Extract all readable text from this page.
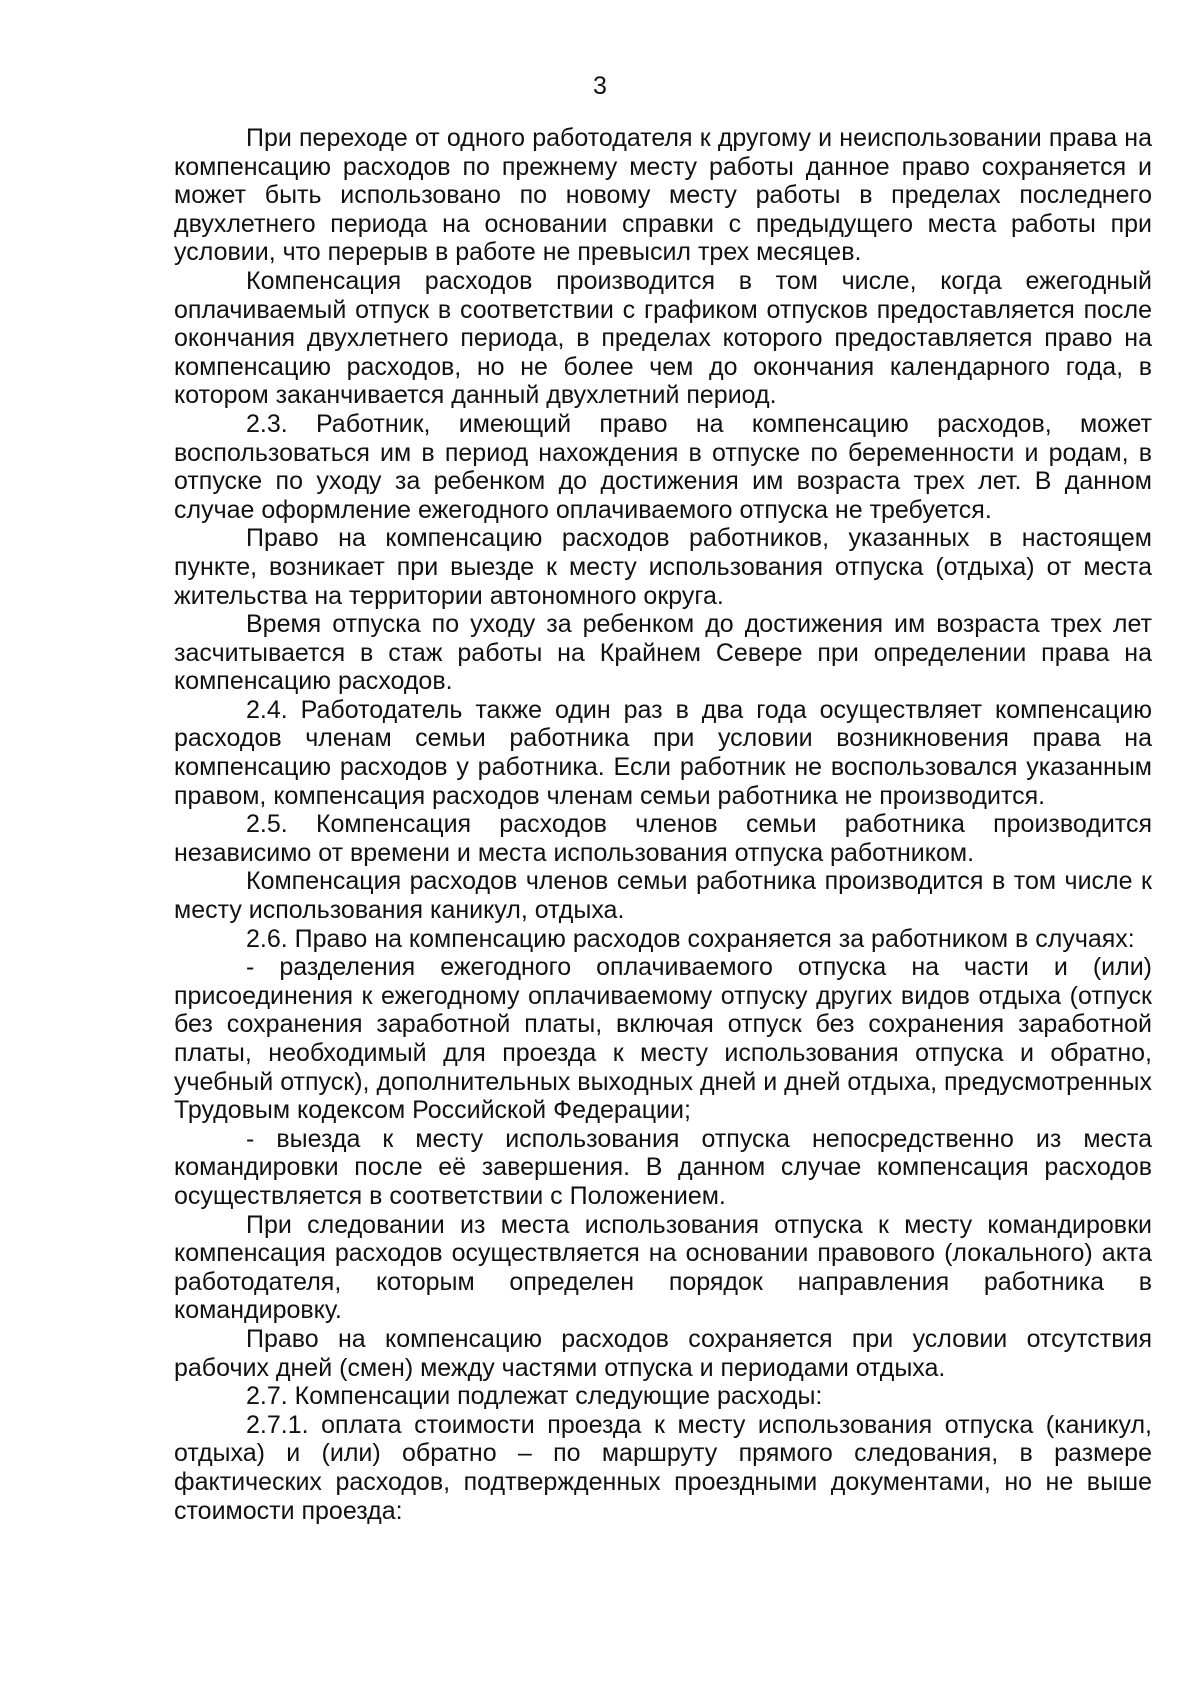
3

При переходе от одного работодателя к другому и неиспользовании права на компенсацию расходов по прежнему месту работы данное право сохраняется и может быть использовано по новому месту работы в пределах последнего двухлетнего периода на основании справки с предыдущего места работы при условии, что перерыв в работе не превысил трех месяцев.

Компенсация расходов производится в том числе, когда ежегодный оплачиваемый отпуск в соответствии с графиком отпусков предоставляется после окончания двухлетнего периода, в пределах которого предоставляется право на компенсацию расходов, но не более чем до окончания календарного года, в котором заканчивается данный двухлетний период.

2.3. Работник, имеющий право на компенсацию расходов, может воспользоваться им в период нахождения в отпуске по беременности и родам, в отпуске по уходу за ребенком до достижения им возраста трех лет. В данном случае оформление ежегодного оплачиваемого отпуска не требуется.

Право на компенсацию расходов работников, указанных в настоящем пункте, возникает при выезде к месту использования отпуска (отдыха) от места жительства на территории автономного округа.

Время отпуска по уходу за ребенком до достижения им возраста трех лет засчитывается в стаж работы на Крайнем Севере при определении права на компенсацию расходов.

2.4. Работодатель также один раз в два года осуществляет компенсацию расходов членам семьи работника при условии возникновения права на компенсацию расходов у работника. Если работник не воспользовался указанным правом, компенсация расходов членам семьи работника не производится.

2.5. Компенсация расходов членов семьи работника производится независимо от времени и места использования отпуска работником.

Компенсация расходов членов семьи работника производится в том числе к месту использования каникул, отдыха.

2.6. Право на компенсацию расходов сохраняется за работником в случаях:

- разделения ежегодного оплачиваемого отпуска на части и (или) присоединения к ежегодному оплачиваемому отпуску других видов отдыха (отпуск без сохранения заработной платы, включая отпуск без сохранения заработной платы, необходимый для проезда к месту использования отпуска и обратно, учебный отпуск), дополнительных выходных дней и дней отдыха, предусмотренных Трудовым кодексом Российской Федерации;

- выезда к месту использования отпуска непосредственно из места командировки после её завершения. В данном случае компенсация расходов осуществляется в соответствии с Положением.

При следовании из места использования отпуска к месту командировки компенсация расходов осуществляется на основании правового (локального) акта работодателя, которым определен порядок направления работника в командировку.

Право на компенсацию расходов сохраняется при условии отсутствия рабочих дней (смен) между частями отпуска и периодами отдыха.

2.7. Компенсации подлежат следующие расходы:

2.7.1. оплата стоимости проезда к месту использования отпуска (каникул, отдыха) и (или) обратно – по маршруту прямого следования, в размере фактических расходов, подтвержденных проездными документами, но не выше стоимости проезда:
